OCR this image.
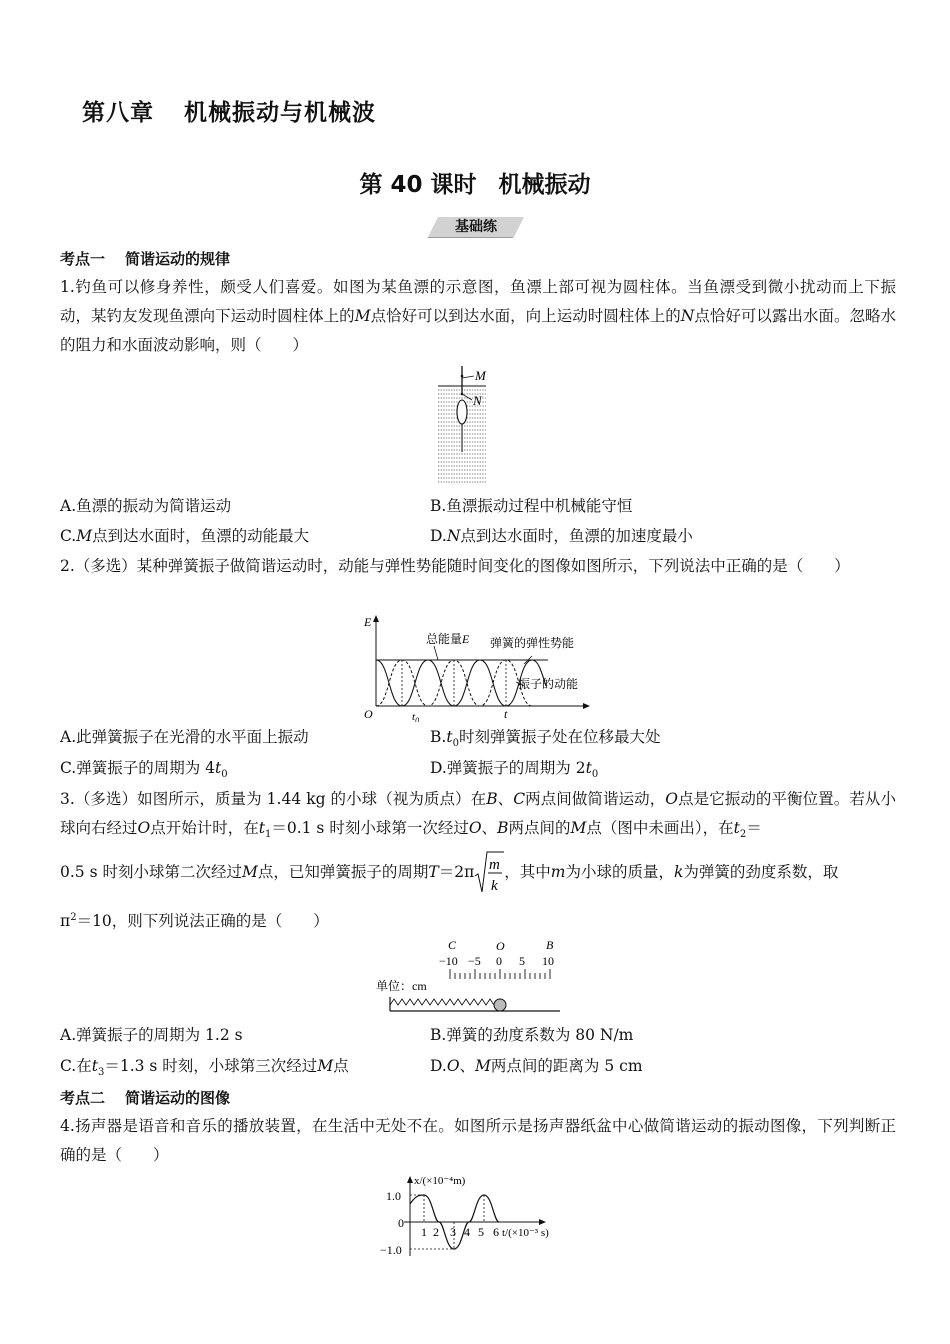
第八章 机械振动与机械波
第 40 课时 机械振动
基础练
考点一 简谐运动的规律
1.钓鱼可以修身养性，颇受人们喜爱。如图为某鱼漂的示意图，鱼漂上部可视为圆柱体。当鱼漂受到微小扰动而上下振动，某钓友发现鱼漂向下运动时圆柱体上的M点恰好可以到达水面，向上运动时圆柱体上的N点恰好可以露出水面。忽略水的阻力和水面波动影响，则（　　）
M
N
A.鱼漂的振动为简谐运动	B.鱼漂振动过程中机械能守恒
C.M点到达水面时，鱼漂的动能最大	D.N点到达水面时，鱼漂的加速度最小
2.（多选）某种弹簧振子做简谐运动时，动能与弹性势能随时间变化的图像如图所示，下列说法中正确的是（　　）
E
t
O	$t_0$
总能量E 弹簧的弹性势能
振子的动能
A.此弹簧振子在光滑的水平面上振动	$B.t_0$时刻弹簧振子处在位移最大处
C.弹簧振子的周期为 $4t_0$	D.弹簧振子的周期为 $2t_0$
3.（多选）如图所示，质量为 1.44 kg 的小球（视为质点）在B、C两点间做简谐运动，O点是它振动的平衡位置。若从小球向右经过O点开始计时，在$t_1=0.1$ s 时刻小球第一次经过O、B两点间的M点（图中未画出），在$t_2=$
0.5 s 时刻小球第二次经过M点，已知弹簧振子的周期T＝2π m
k
，其中m为小球的质量，k为弹簧的劲度系数，取
$\pi^2=10$，则下列说法正确的是（　　）
C	O	B
−10 −5 0 5 10
单位：cm
A.弹簧振子的周期为 1.2 s	B.弹簧的劲度系数为 80 N/m
C.在$t_3=1.3$ s 时刻，小球第三次经过M点	D.O、M两点间的距离为 5 cm
考点二 简谐运动的图像
4.扬声器是语音和音乐的播放装置，在生活中无处不在。如图所示是扬声器纸盆中心做简谐运动的振动图像，下列判断正确的是（　　）
x/(×10⁻⁴m)
t/(×10⁻³ s)
1.0
0
−1.0
1 2 3 4 5 6
